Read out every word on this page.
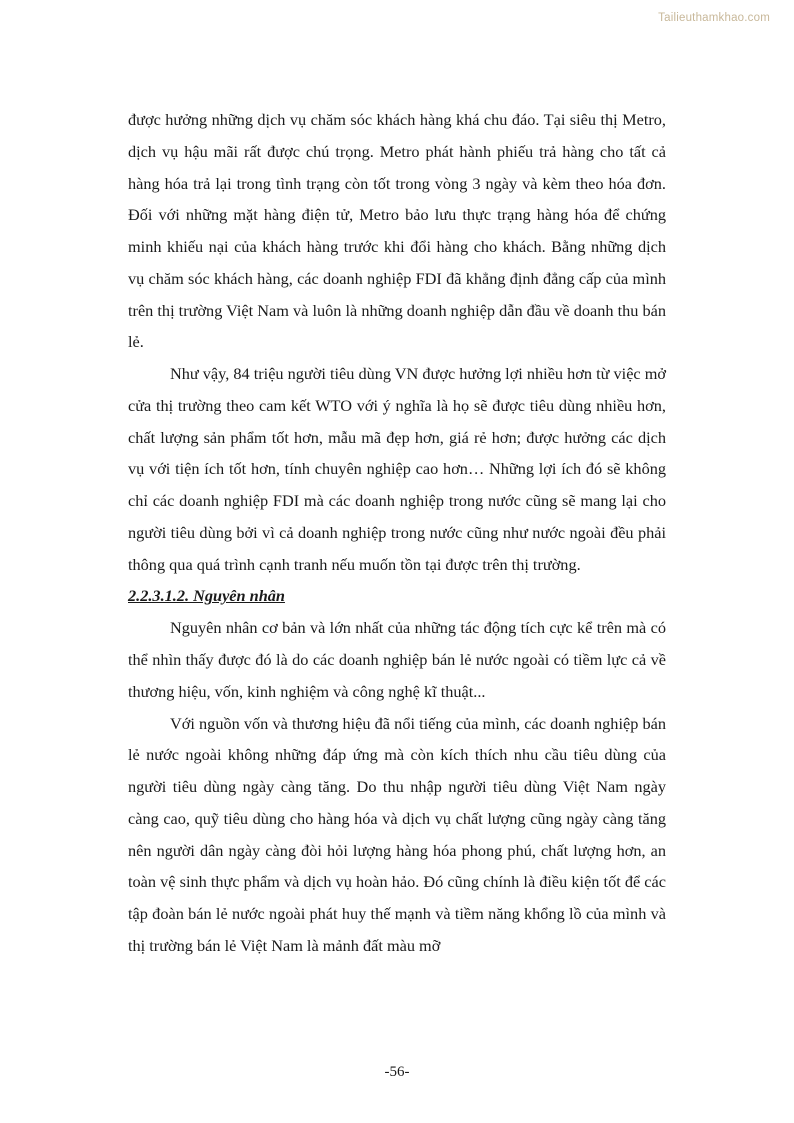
Tailieuthamkhao.com

được hưởng những dịch vụ chăm sóc khách hàng khá chu đáo. Tại siêu thị Metro, dịch vụ hậu mãi rất được chú trọng. Metro phát hành phiếu trả hàng cho tất cả hàng hóa trả lại trong tình trạng còn tốt trong vòng 3 ngày và kèm theo hóa đơn. Đối với những mặt hàng điện tử, Metro bảo lưu thực trạng hàng hóa để chứng minh khiếu nại của khách hàng trước khi đổi hàng cho khách. Bằng những dịch vụ chăm sóc khách hàng, các doanh nghiệp FDI đã khẳng định đẳng cấp của mình trên thị trường Việt Nam và luôn là những doanh nghiệp dẫn đầu về doanh thu bán lẻ.

Như vậy, 84 triệu người tiêu dùng VN được hưởng lợi nhiều hơn từ việc mở cửa thị trường theo cam kết WTO với ý nghĩa là họ sẽ được tiêu dùng nhiều hơn, chất lượng sản phẩm tốt hơn, mẫu mã đẹp hơn, giá rẻ hơn; được hưởng các dịch vụ với tiện ích tốt hơn, tính chuyên nghiệp cao hơn… Những lợi ích đó sẽ không chỉ các doanh nghiệp FDI mà các doanh nghiệp trong nước cũng sẽ mang lại cho người tiêu dùng bởi vì cả doanh nghiệp trong nước cũng như nước ngoài đều phải thông qua quá trình cạnh tranh nếu muốn tồn tại được trên thị trường.

2.2.3.1.2. Nguyên nhân

Nguyên nhân cơ bản và lớn nhất của những tác động tích cực kể trên mà có thể nhìn thấy được đó là do các doanh nghiệp bán lẻ nước ngoài có tiềm lực cả về thương hiệu, vốn, kinh nghiệm và công nghệ kĩ thuật...

Với nguồn vốn và thương hiệu đã nổi tiếng của mình, các doanh nghiệp bán lẻ nước ngoài không những đáp ứng mà còn kích thích nhu cầu tiêu dùng của người tiêu dùng ngày càng tăng. Do thu nhập người tiêu dùng Việt Nam ngày càng cao, quỹ tiêu dùng cho hàng hóa và dịch vụ chất lượng cũng ngày càng tăng nên người dân ngày càng đòi hỏi lượng hàng hóa phong phú, chất lượng hơn, an toàn vệ sinh thực phẩm và dịch vụ hoàn hảo. Đó cũng chính là điều kiện tốt để các tập đoàn bán lẻ nước ngoài phát huy thế mạnh và tiềm năng khổng lồ của mình và thị trường bán lẻ Việt Nam là mảnh đất màu mỡ

-56-
